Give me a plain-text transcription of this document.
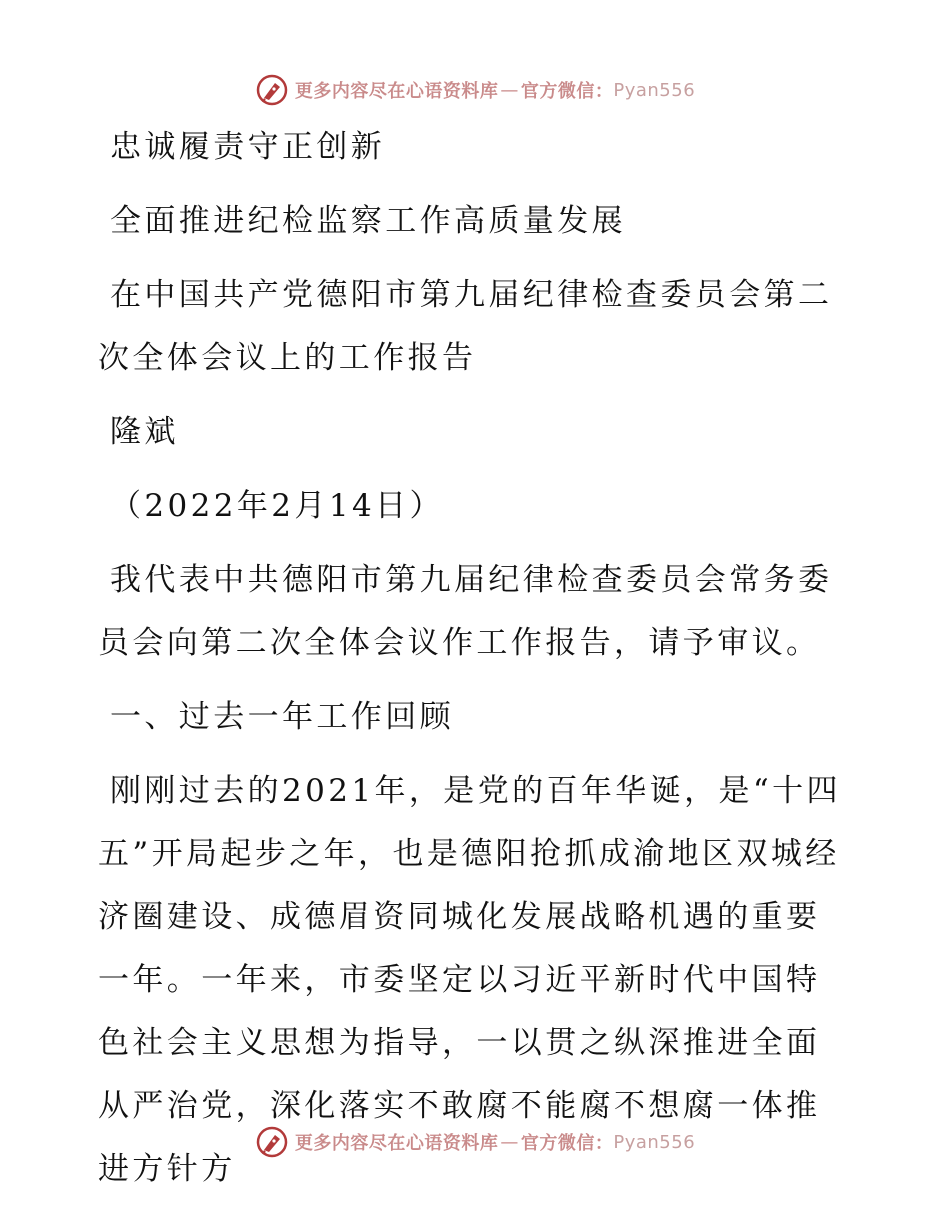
更多内容尽在心语资料库 — 官方微信： Pyan556

忠诚履责守正创新

全面推进纪检监察工作高质量发展

在中国共产党德阳市第九届纪律检查委员会第二次全体会议上的工作报告

隆斌

（2022年2月14日）

我代表中共德阳市第九届纪律检查委员会常务委员会向第二次全体会议作工作报告，请予审议。

一、过去一年工作回顾

刚刚过去的2021年，是党的百年华诞，是“十四五”开局起步之年，也是德阳抢抓成渝地区双城经济圈建设、成德眉资同城化发展战略机遇的重要一年。一年来，市委坚定以习近平新时代中国特色社会主义思想为指导，一以贯之纵深推进全面从严治党，深化落实不敢腐不能腐不想腐一体推进方针方

更多内容尽在心语资料库 — 官方微信： Pyan556
